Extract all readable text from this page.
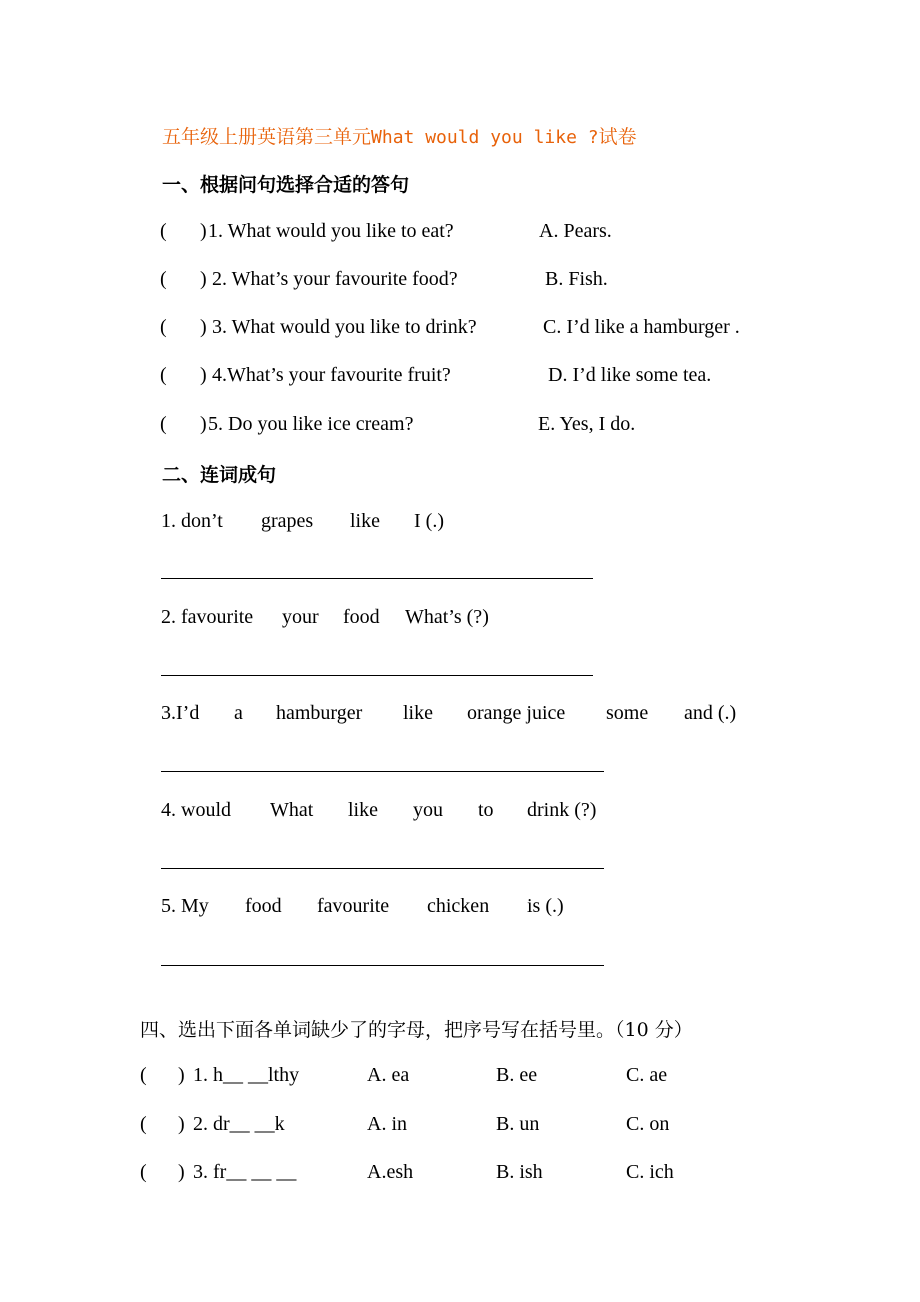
五年级上册英语第三单元What would you like ?试卷
一、根据问句选择合适的答句
( ) 1. What would you like to eat?	A. Pears.
( ) 2. What’s your favourite food?	B. Fish.
( ) 3. What would you like to drink?	C. I’d like a hamburger .
( ) 4.What’s your favourite fruit?	D. I’d like some tea.
( ) 5. Do you like ice cream?	E. Yes, I do.
二、连词成句
1. don’t grapes like I (.)
2. favourite your food What’s (?)
3.I’d a hamburger like orange juice some and (.)
4. would What like you to drink (?)
5. My food favourite chicken is (.)
四、选出下面各单词缺少了的字母，把序号写在括号里。（10 分）
( ) 1. h__ __lthy	A. ea	B. ee	C. ae
( ) 2. dr__ __k	A. in	B. un	C. on
( ) 3. fr__ __ __	A.esh	B. ish	C. ich
